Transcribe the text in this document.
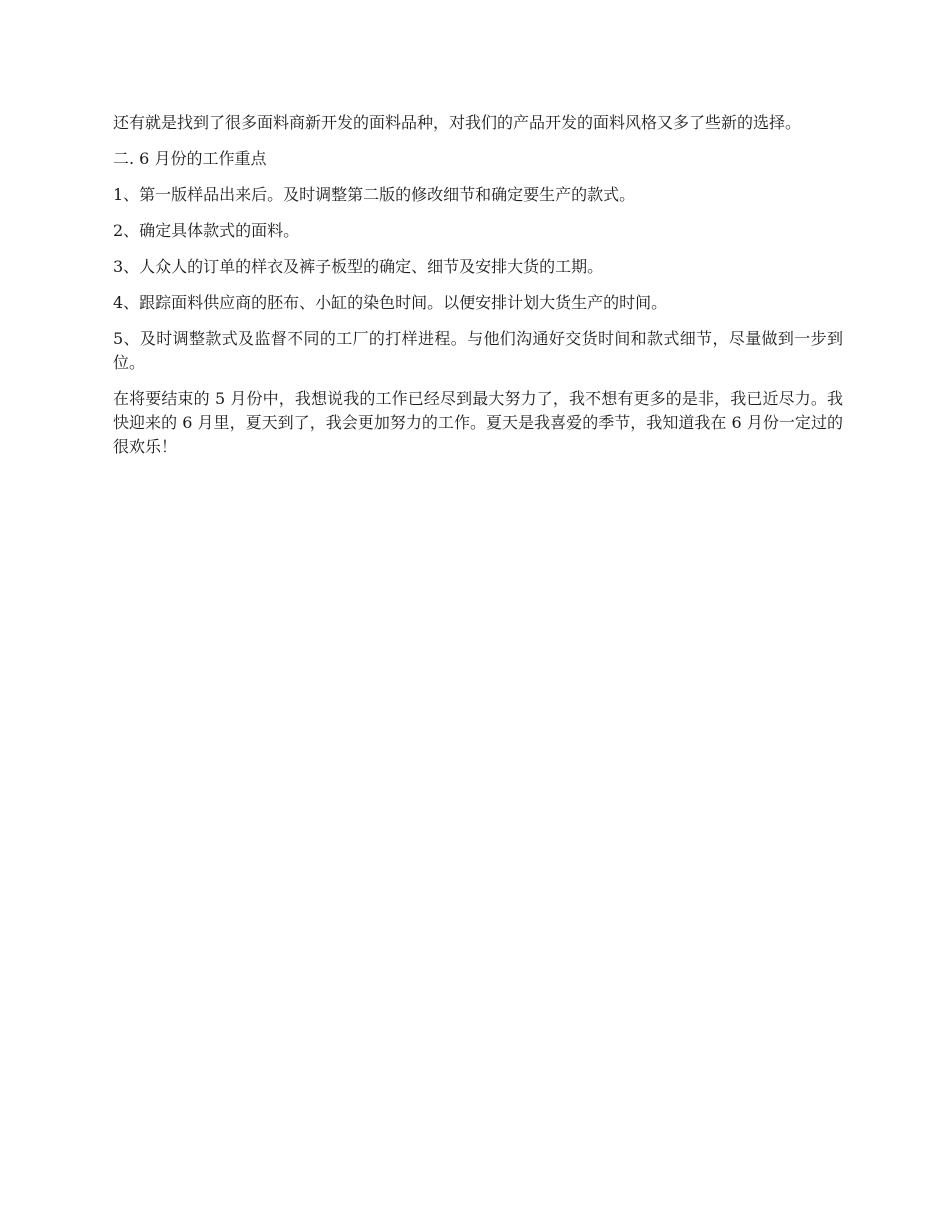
还有就是找到了很多面料商新开发的面料品种，对我们的产品开发的面料风格又多了些新的选择。

二. 6 月份的工作重点

1、第一版样品出来后。及时调整第二版的修改细节和确定要生产的款式。

2、确定具体款式的面料。

3、人众人的订单的样衣及裤子板型的确定、细节及安排大货的工期。

4、跟踪面料供应商的胚布、小缸的染色时间。以便安排计划大货生产的时间。

5、及时调整款式及监督不同的工厂的打样进程。与他们沟通好交货时间和款式细节，尽量做到一步到位。

在将要结束的 5 月份中，我想说我的工作已经尽到最大努力了，我不想有更多的是非，我已近尽力。我快迎来的 6 月里，夏天到了，我会更加努力的工作。夏天是我喜爱的季节，我知道我在 6 月份一定过的很欢乐！
